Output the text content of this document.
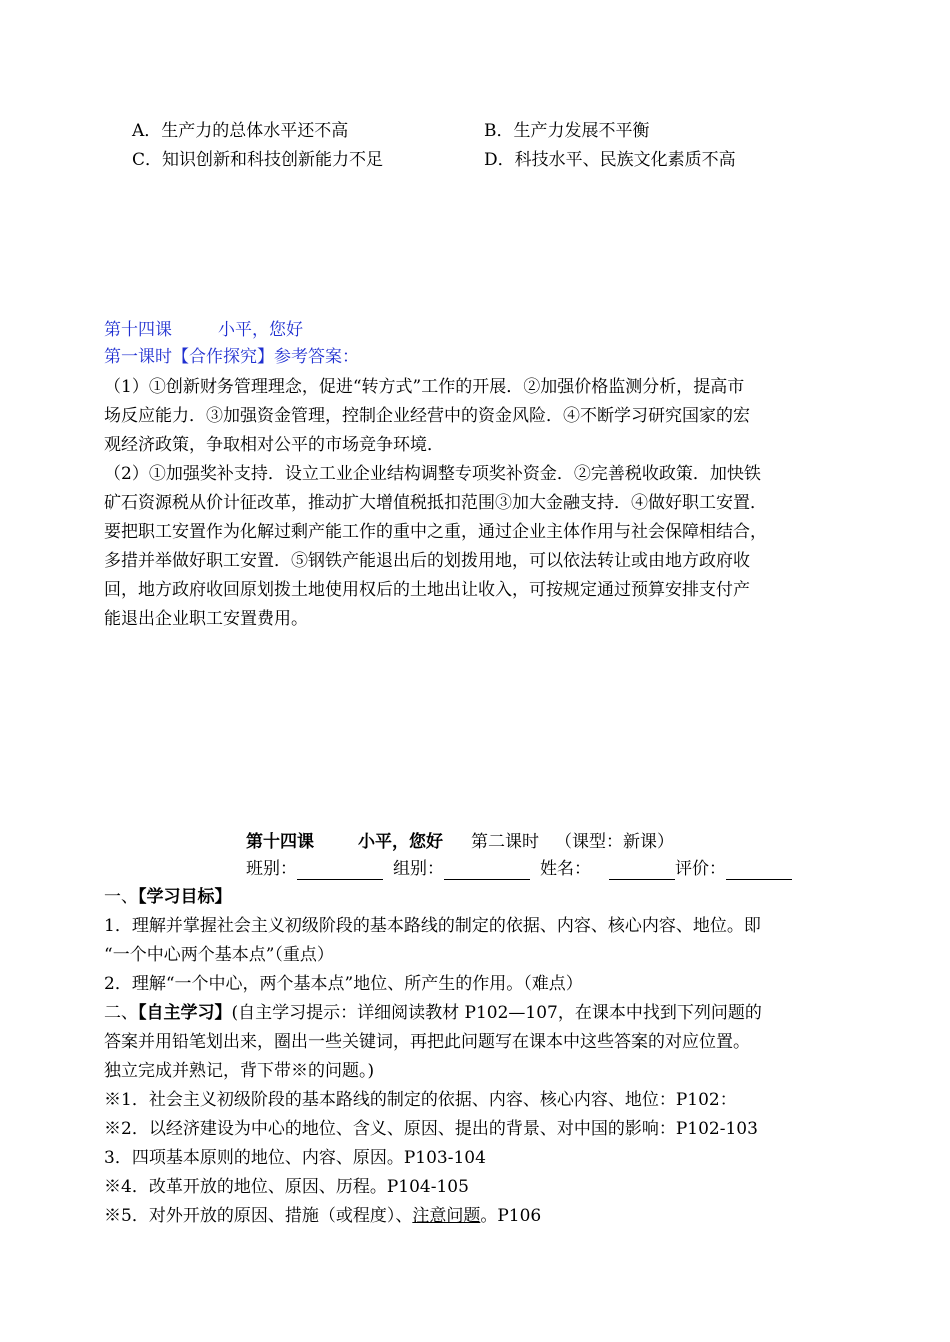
A．生产力的总体水平还不高	B．生产力发展不平衡
C．知识创新和科技创新能力不足	D．科技水平、民族文化素质不高
第十四课	小平，您好
第一课时【合作探究】参考答案：
（1）①创新财务管理理念，促进“转方式”工作的开展．②加强价格监测分析，提高市
场反应能力．③加强资金管理，控制企业经营中的资金风险．④不断学习研究国家的宏
观经济政策，争取相对公平的市场竞争环境．
（2）①加强奖补支持．设立工业企业结构调整专项奖补资金．②完善税收政策．加快铁
矿石资源税从价计征改革，推动扩大增值税抵扣范围③加大金融支持．④做好职工安置．
要把职工安置作为化解过剩产能工作的重中之重，通过企业主体作用与社会保障相结合，
多措并举做好职工安置．⑤钢铁产能退出后的划拨用地，可以依法转让或由地方政府收
回，地方政府收回原划拨土地使用权后的土地出让收入，可按规定通过预算安排支付产
能退出企业职工安置费用。
第十四课	小平，您好 第二课时 （课型：新课）
班别：	组别：	姓名：	评价：
一、【学习目标】
1．理解并掌握社会主义初级阶段的基本路线的制定的依据、内容、核心内容、地位。即
“一个中心两个基本点”（重点）
2．理解“一个中心，两个基本点”地位、所产生的作用。（难点）
二、【自主学习】(自主学习提示：详细阅读教材 P102—107，在课本中找到下列问题的
答案并用铅笔划出来，圈出一些关键词，再把此问题写在课本中这些答案的对应位置。
独立完成并熟记，背下带※的问题。)
※1．社会主义初级阶段的基本路线的制定的依据、内容、核心内容、地位：P102：
※2．以经济建设为中心的地位、含义、原因、提出的背景、对中国的影响：P102-103
3．四项基本原则的地位、内容、原因。P103-104
※4．改革开放的地位、原因、历程。P104-105
※5．对外开放的原因、措施（或程度）、注意问题。P106
